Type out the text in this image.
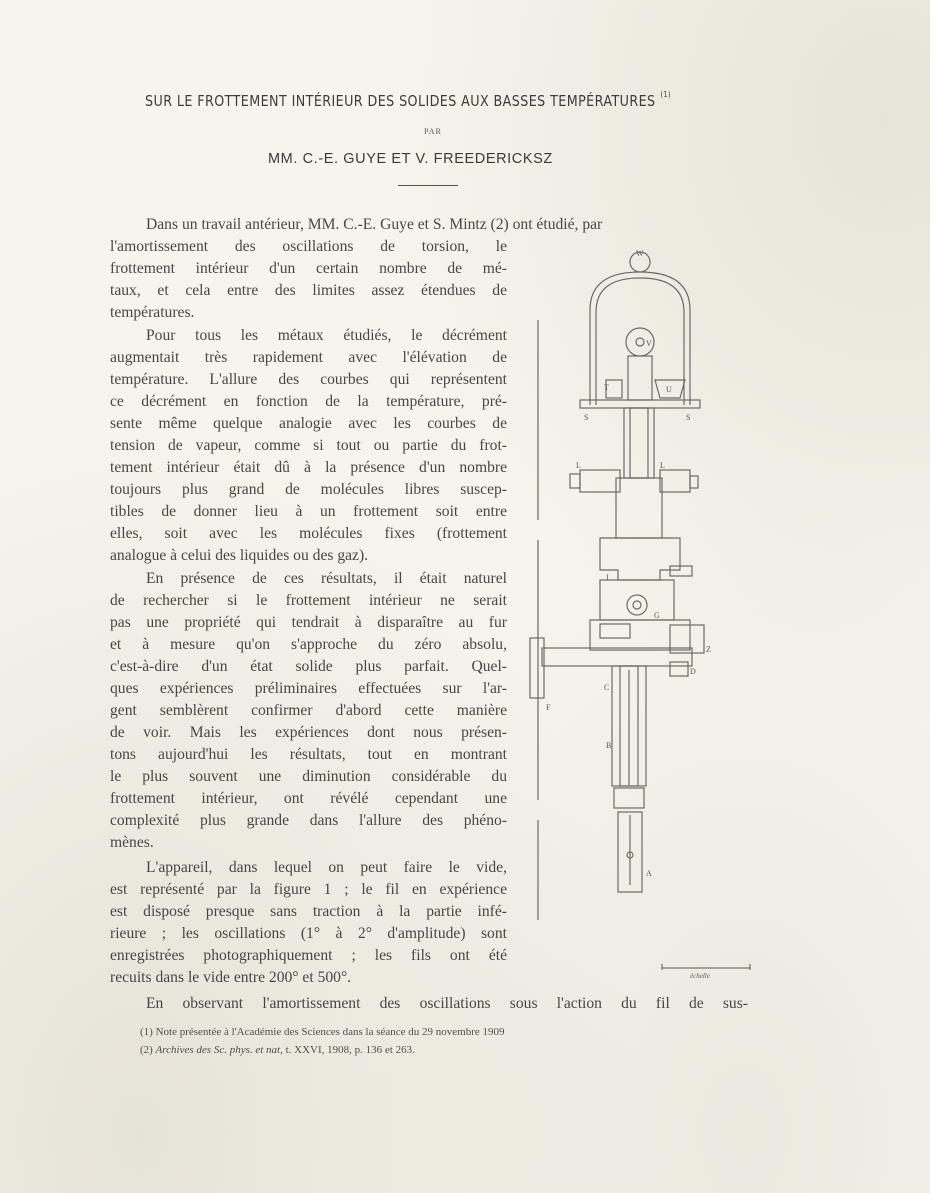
SUR LE FROTTEMENT INTÉRIEUR DES SOLIDES AUX BASSES TEMPÉRATURES $^{(1)}$
PAR
MM. C.-E. GUYE ET V. FREEDERICKSZ
Dans un travail antérieur, MM. C.-E. Guye et S. Mintz (2) ont étudié, par
l'amortissement des oscillations de torsion, le
frottement intérieur d'un certain nombre de mé-
taux, et cela entre des limites assez étendues de
températures.
Pour tous les métaux étudiés, le décrément
augmentait très rapidement avec l'élévation de
température. L'allure des courbes qui représentent
ce décrément en fonction de la température, pré-
sente même quelque analogie avec les courbes de
tension de vapeur, comme si tout ou partie du frot-
tement intérieur était dû à la présence d'un nombre
toujours plus grand de molécules libres suscep-
tibles de donner lieu à un frottement soit entre
elles, soit avec les molécules fixes (frottement
analogue à celui des liquides ou des gaz).
En présence de ces résultats, il était naturel
de rechercher si le frottement intérieur ne serait
pas une propriété qui tendrait à disparaître au fur
et à mesure qu'on s'approche du zéro absolu,
c'est-à-dire d'un état solide plus parfait. Quel-
ques expériences préliminaires effectuées sur l'ar-
gent semblèrent confirmer d'abord cette manière
de voir. Mais les expériences dont nous présen-
tons aujourd'hui les résultats, tout en montrant
le plus souvent une diminution considérable du
frottement intérieur, ont révélé cependant une
complexité plus grande dans l'allure des phéno-
mènes.
L'appareil, dans lequel on peut faire le vide,
est représenté par la figure 1 ; le fil en expérience
est disposé presque sans traction à la partie infé-
rieure ; les oscillations (1° à 2° d'amplitude) sont
enregistrées photographiquement ; les fils ont été
recuits dans le vide entre 200° et 500°.
En observant l'amortissement des oscillations sous l'action du fil de sus-
(1) Note présentée à l'Académie des Sciences dans la séance du 29 novembre 1909
(2) Archives des Sc. phys. et nat, t. XXVI, 1908, p. 136 et 263.
W
V
T	U
S	S
L	L
I
G
Z
D
C
B
A
F
échelle
